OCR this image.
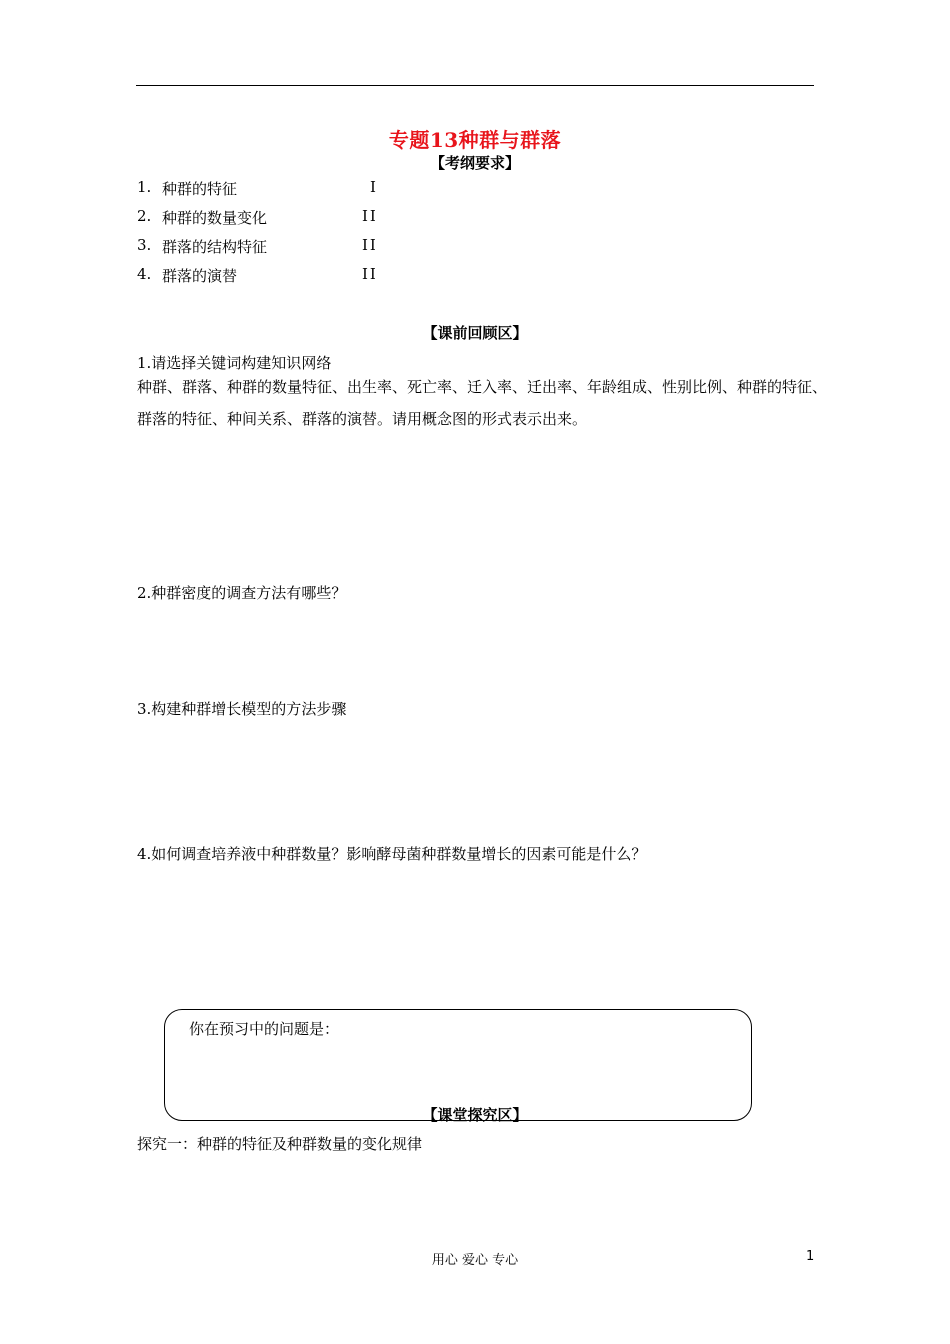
专题13种群与群落
【考纲要求】
1. 种群的特征	I
2. 种群的数量变化	II
3. 群落的结构特征	II
4. 群落的演替	II
【课前回顾区】
1.请选择关键词构建知识网络
种群、群落、种群的数量特征、出生率、死亡率、迁入率、迁出率、年龄组成、性别比例、种群的特征、群落的特征、种间关系、群落的演替。请用概念图的形式表示出来。
2.种群密度的调查方法有哪些？
3.构建种群增长模型的方法步骤
4.如何调查培养液中种群数量？影响酵母菌种群数量增长的因素可能是什么？
你在预习中的问题是：
【课堂探究区】
探究一：种群的特征及种群数量的变化规律
用心 爱心 专心	1
